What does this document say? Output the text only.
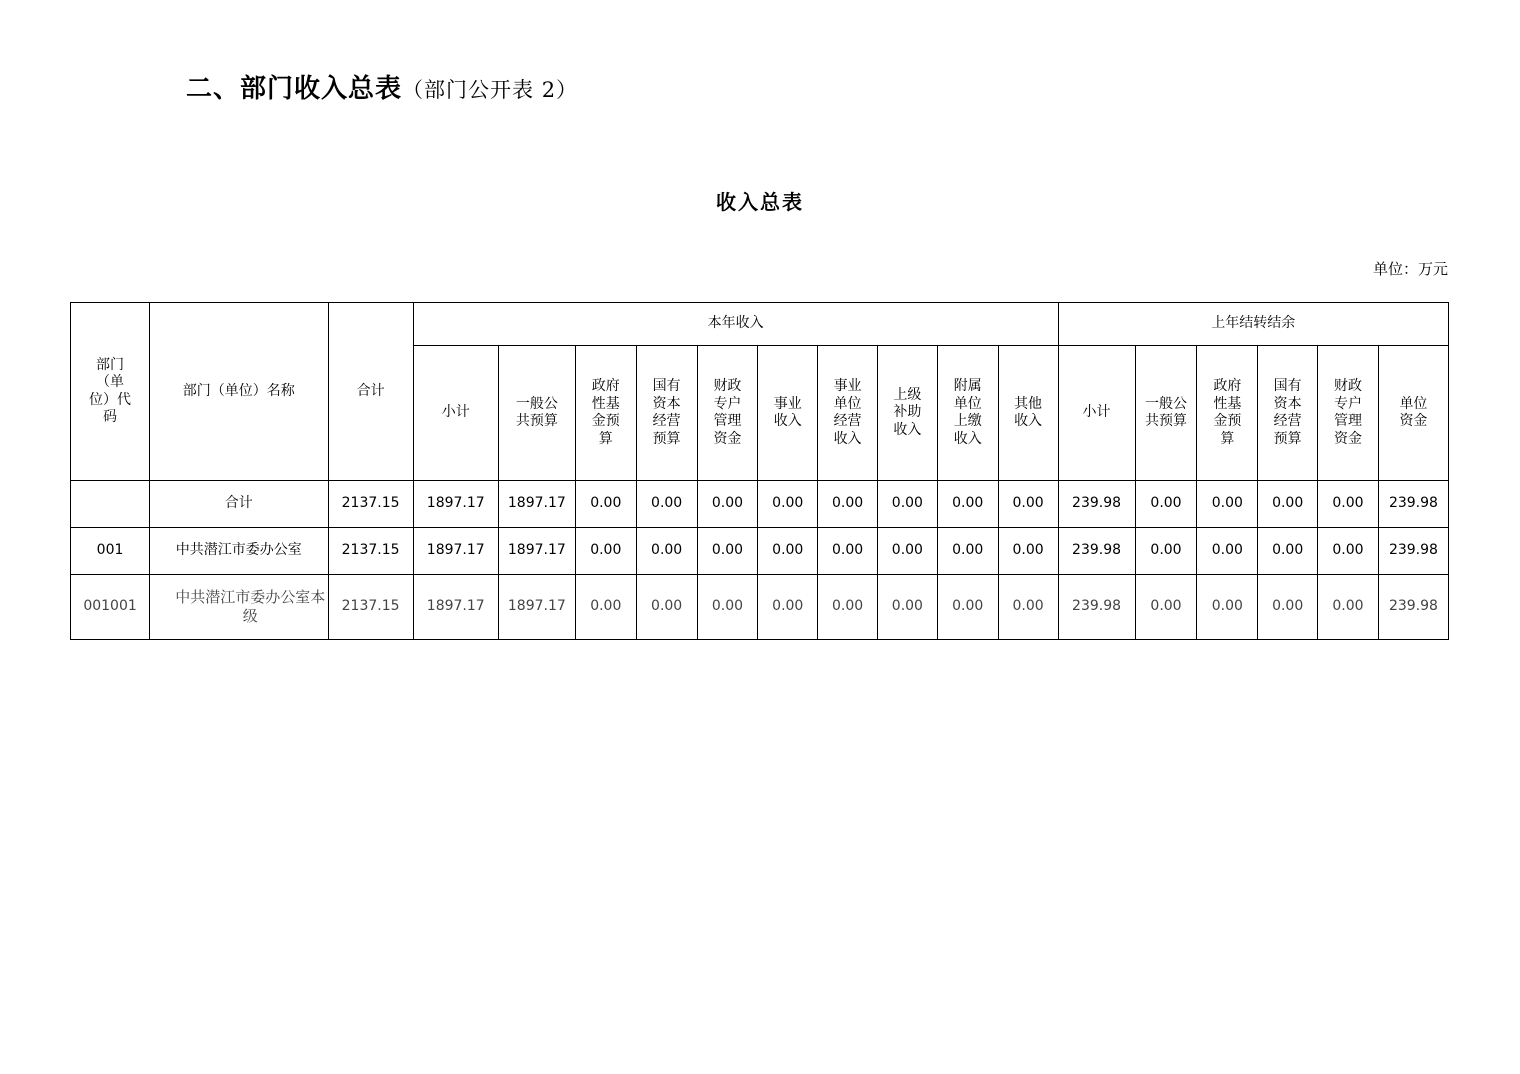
二、部门收入总表（部门公开表 2）
收入总表
单位：万元
部门（单位）代码	部门（单位）名称	合计	本年收入										上年结转结余					

			小计	一般公共预算	政府性基金预算	国有资本经营预算	财政专户管理资金	事业收入	事业单位经营收入	上级补助收入	附属单位上缴收入	其他收入	小计	一般公共预算	政府性基金预算	国有资本经营预算	财政专户管理资金	单位资金

	合计	2137.15	1897.17	1897.17	0.00	0.00	0.00	0.00	0.00	0.00	0.00	0.00	239.98	0.00	0.00	0.00	0.00	239.98
001	中共潜江市委办公室	2137.15	1897.17	1897.17	0.00	0.00	0.00	0.00	0.00	0.00	0.00	0.00	239.98	0.00	0.00	0.00	0.00	239.98
001001	中共潜江市委办公室本级	2137.15	1897.17	1897.17	0.00	0.00	0.00	0.00	0.00	0.00	0.00	0.00	239.98	0.00	0.00	0.00	0.00	239.98
